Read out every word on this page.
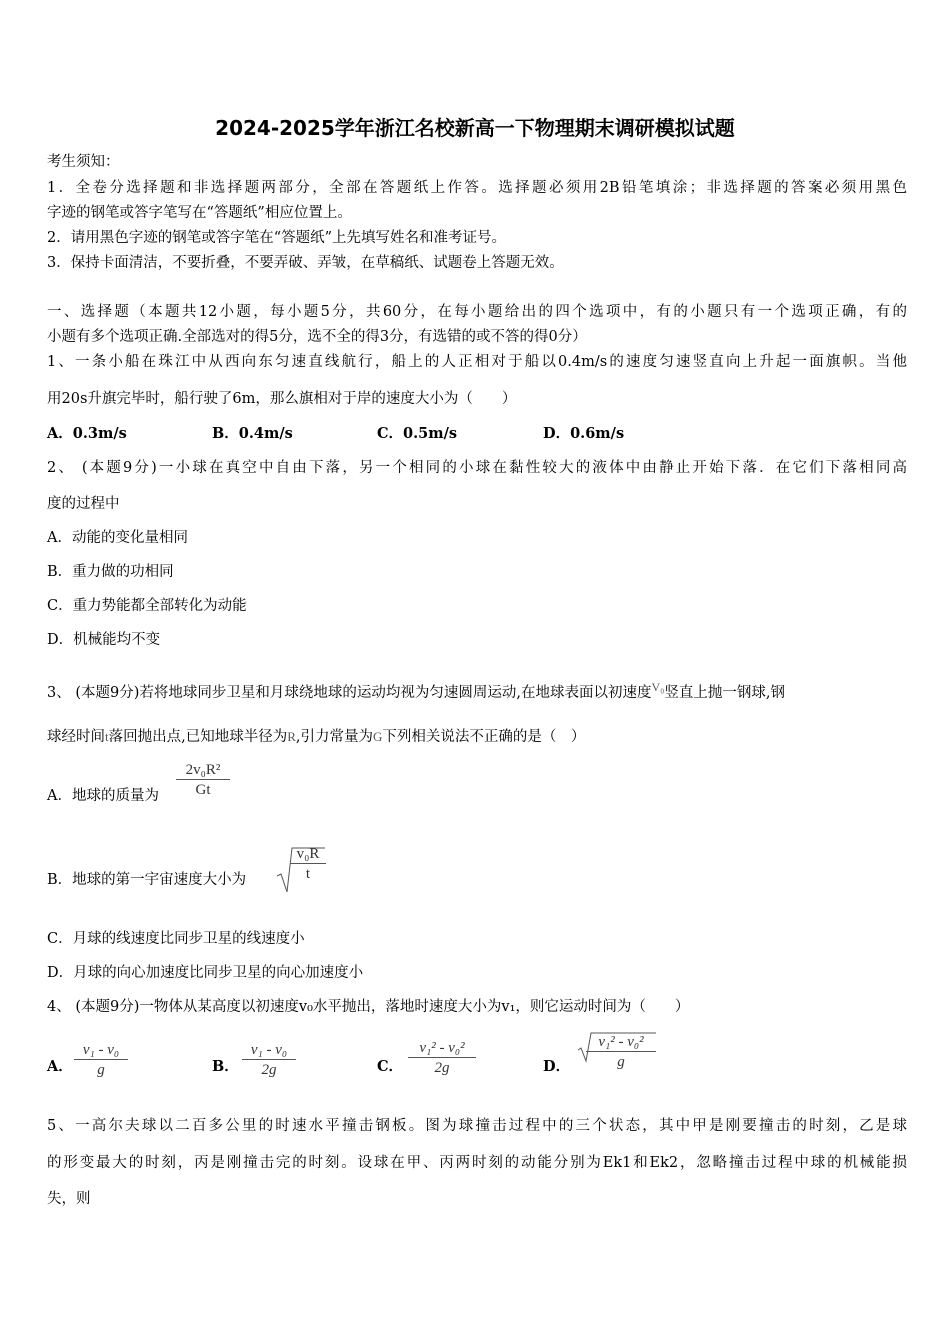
2024-2025学年浙江名校新高一下物理期末调研模拟试题
考生须知：
1．全卷分选择题和非选择题两部分，全部在答题纸上作答。选择题必须用2B铅笔填涂；非选择题的答案必须用黑色
字迹的钢笔或答字笔写在“答题纸”相应位置上。
2．请用黑色字迹的钢笔或答字笔在“答题纸”上先填写姓名和准考证号。
3．保持卡面清洁，不要折叠，不要弄破、弄皱，在草稿纸、试题卷上答题无效。
一、选择题（本题共12小题，每小题5分，共60分，在每小题给出的四个选项中，有的小题只有一个选项正确，有的
小题有多个选项正确.全部选对的得5分，选不全的得3分，有选错的或不答的得0分）
1、一条小船在珠江中从西向东匀速直线航行，船上的人正相对于船以0.4m/s的速度匀速竖直向上升起一面旗帜。当他
用20s升旗完毕时，船行驶了6m，那么旗相对于岸的速度大小为（　　）
A．0.3m/s	B．0.4m/s	C．0.5m/s	D．0.6m/s
2、 (本题9分)一小球在真空中自由下落，另一个相同的小球在黏性较大的液体中由静止开始下落．在它们下落相同高
度的过程中
A．动能的变化量相同
B．重力做的功相同
C．重力势能都全部转化为动能
D．机械能均不变
3、 (本题9分)若将地球同步卫星和月球绕地球的运动均视为匀速圆周运动,在地球表面以初速度$^{V_0}$竖直上抛一钢球,钢
球经时间t落回抛出点,已知地球半径为R,引力常量为G下列相关说法不正确的是（　）
A．地球的质量为
2v₀R²
Gt
B．地球的第一宇宙速度大小为
v₀R
t
C．月球的线速度比同步卫星的线速度小
D．月球的向心加速度比同步卫星的向心加速度小
4、 (本题9分)一物体从某高度以初速度v₀水平抛出，落地时速度大小为v₁，则它运动时间为（　　）
A．
v₁ - v₀
g	B．
v₁ - v₀
2g	C．
v₁² - v₀²
2g	D．
v₁² - v₀²
g
5、一高尔夫球以二百多公里的时速水平撞击钢板。图为球撞击过程中的三个状态，其中甲是刚要撞击的时刻，乙是球
的形变最大的时刻，丙是刚撞击完的时刻。设球在甲、丙两时刻的动能分别为Ek1和Ek2，忽略撞击过程中球的机械能损
失，则
